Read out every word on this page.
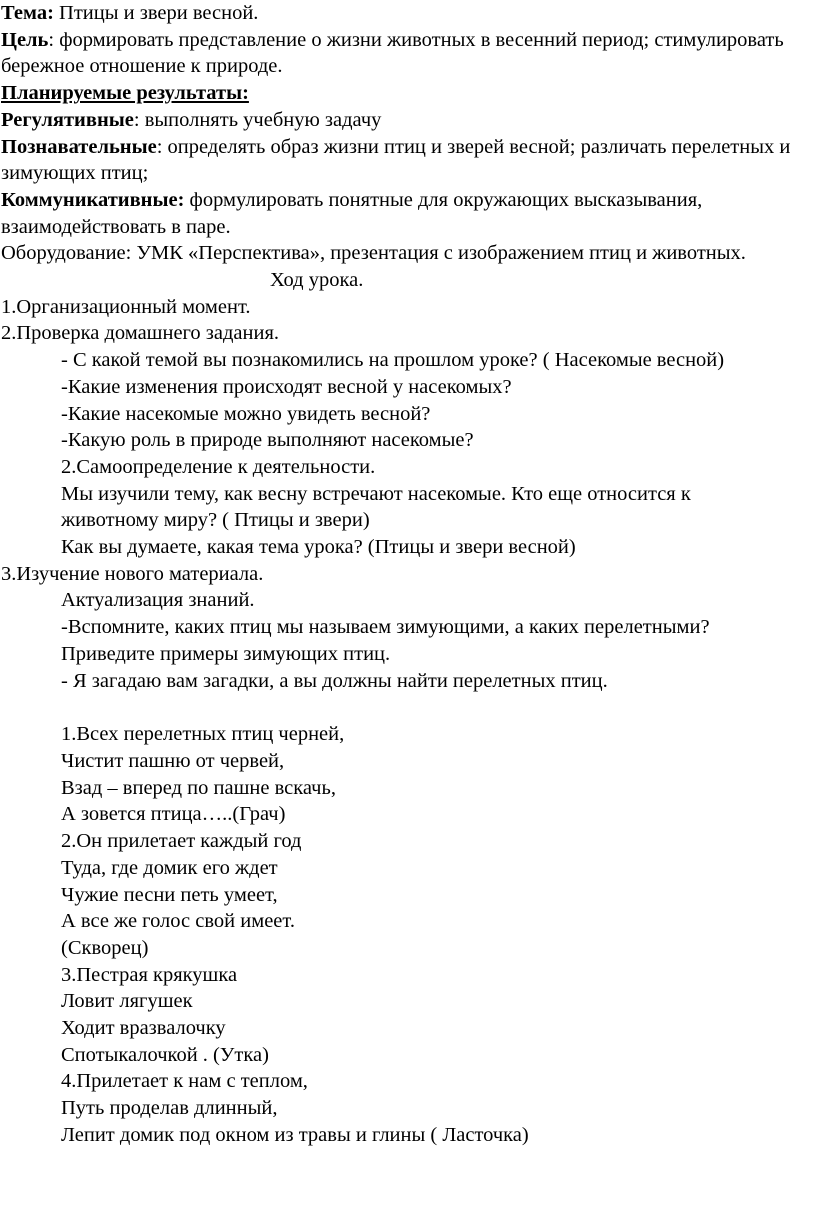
Тема: Птицы и звери весной.
Цель: формировать представление о жизни животных в весенний период; стимулировать бережное отношение к природе.
Планируемые результаты:
Регулятивные: выполнять учебную задачу
Познавательные: определять образ жизни птиц и зверей весной; различать перелетных и зимующих птиц;
Коммуникативные: формулировать понятные для окружающих высказывания, взаимодействовать в паре.
Оборудование: УМК «Перспектива», презентация с изображением птиц и животных.
Ход урока.
1.Организационный момент.
2.Проверка домашнего задания.
- С какой темой вы познакомились на прошлом уроке? ( Насекомые весной)
-Какие изменения происходят весной у насекомых?
-Какие насекомые можно увидеть весной?
-Какую роль в природе выполняют насекомые?
2.Самоопределение к деятельности.
Мы изучили тему, как весну встречают насекомые. Кто еще относится к животному миру? ( Птицы и звери)
Как вы думаете, какая тема урока? (Птицы и звери весной)
3.Изучение нового материала.
Актуализация знаний.
-Вспомните, каких птиц мы называем зимующими, а каких перелетными? Приведите примеры зимующих птиц.
- Я загадаю вам загадки, а вы должны найти перелетных птиц.
1.Всех перелетных птиц черней,
Чистит пашню от червей,
Взад – вперед по пашне вскачь,
А зовется птица…..(Грач)
2.Он прилетает каждый год
Туда, где домик его ждет
Чужие песни петь умеет,
А все же голос свой имеет.
(Скворец)
3.Пестрая крякушка
Ловит лягушек
Ходит вразвалочку
Спотыкалочкой . (Утка)
4.Прилетает к нам с теплом,
Путь проделав длинный,
Лепит домик под окном из травы и глины ( Ласточка)
